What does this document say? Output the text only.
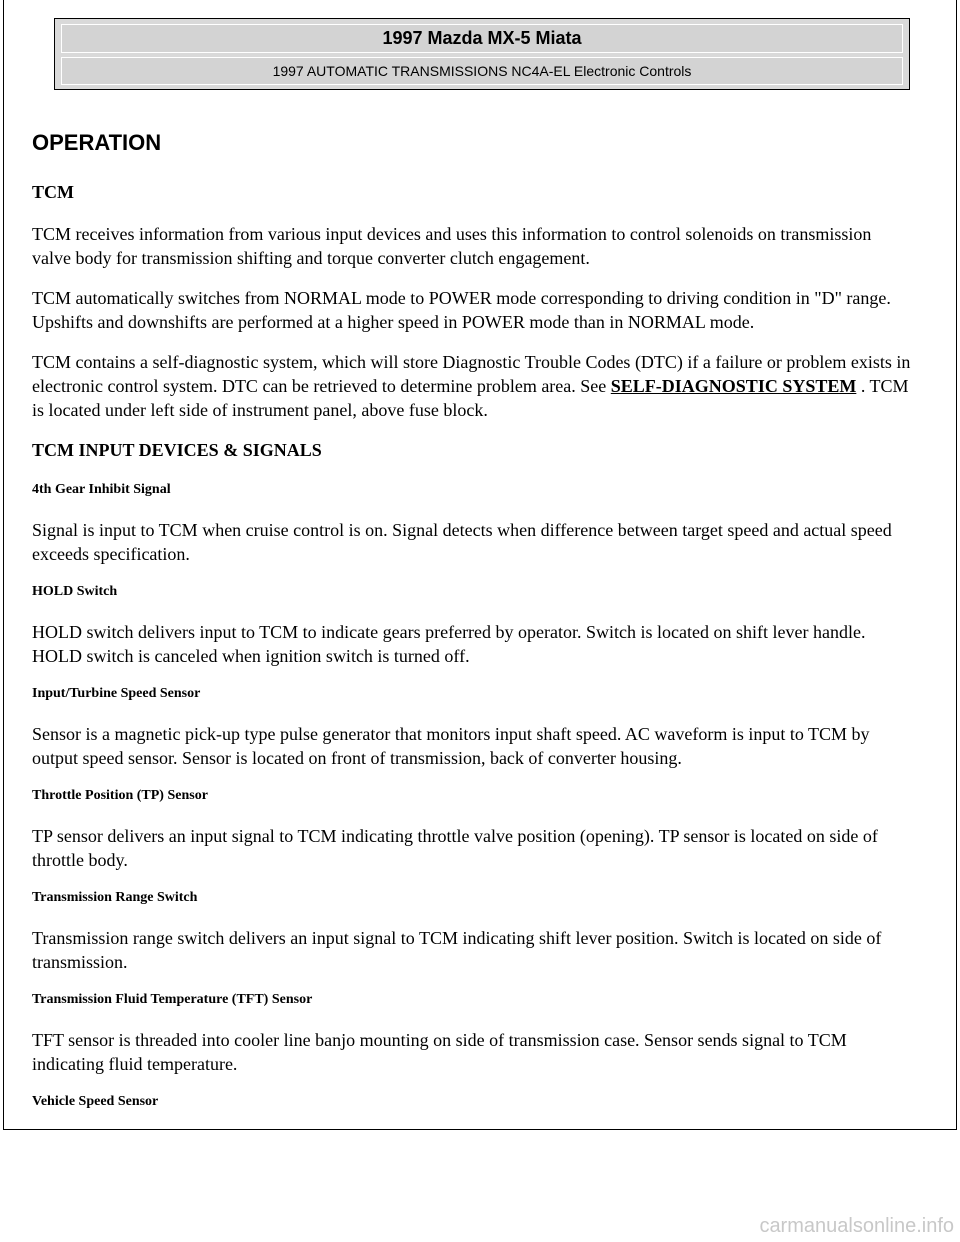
1997 Mazda MX-5 Miata
1997 AUTOMATIC TRANSMISSIONS NC4A-EL Electronic Controls
OPERATION
TCM

TCM receives information from various input devices and uses this information to control solenoids on transmission valve body for transmission shifting and torque converter clutch engagement.

TCM automatically switches from NORMAL mode to POWER mode corresponding to driving condition in "D" range. Upshifts and downshifts are performed at a higher speed in POWER mode than in NORMAL mode.

TCM contains a self-diagnostic system, which will store Diagnostic Trouble Codes (DTC) if a failure or problem exists in electronic control system. DTC can be retrieved to determine problem area. See SELF-DIAGNOSTIC SYSTEM . TCM is located under left side of instrument panel, above fuse block.

TCM INPUT DEVICES & SIGNALS
4th Gear Inhibit Signal

Signal is input to TCM when cruise control is on. Signal detects when difference between target speed and actual speed exceeds specification.

HOLD Switch

HOLD switch delivers input to TCM to indicate gears preferred by operator. Switch is located on shift lever handle. HOLD switch is canceled when ignition switch is turned off.

Input/Turbine Speed Sensor

Sensor is a magnetic pick-up type pulse generator that monitors input shaft speed. AC waveform is input to TCM by output speed sensor. Sensor is located on front of transmission, back of converter housing.

Throttle Position (TP) Sensor

TP sensor delivers an input signal to TCM indicating throttle valve position (opening). TP sensor is located on side of throttle body.

Transmission Range Switch

Transmission range switch delivers an input signal to TCM indicating shift lever position. Switch is located on side of transmission.

Transmission Fluid Temperature (TFT) Sensor

TFT sensor is threaded into cooler line banjo mounting on side of transmission case. Sensor sends signal to TCM indicating fluid temperature.

Vehicle Speed Sensor
carmanualsonline.info
